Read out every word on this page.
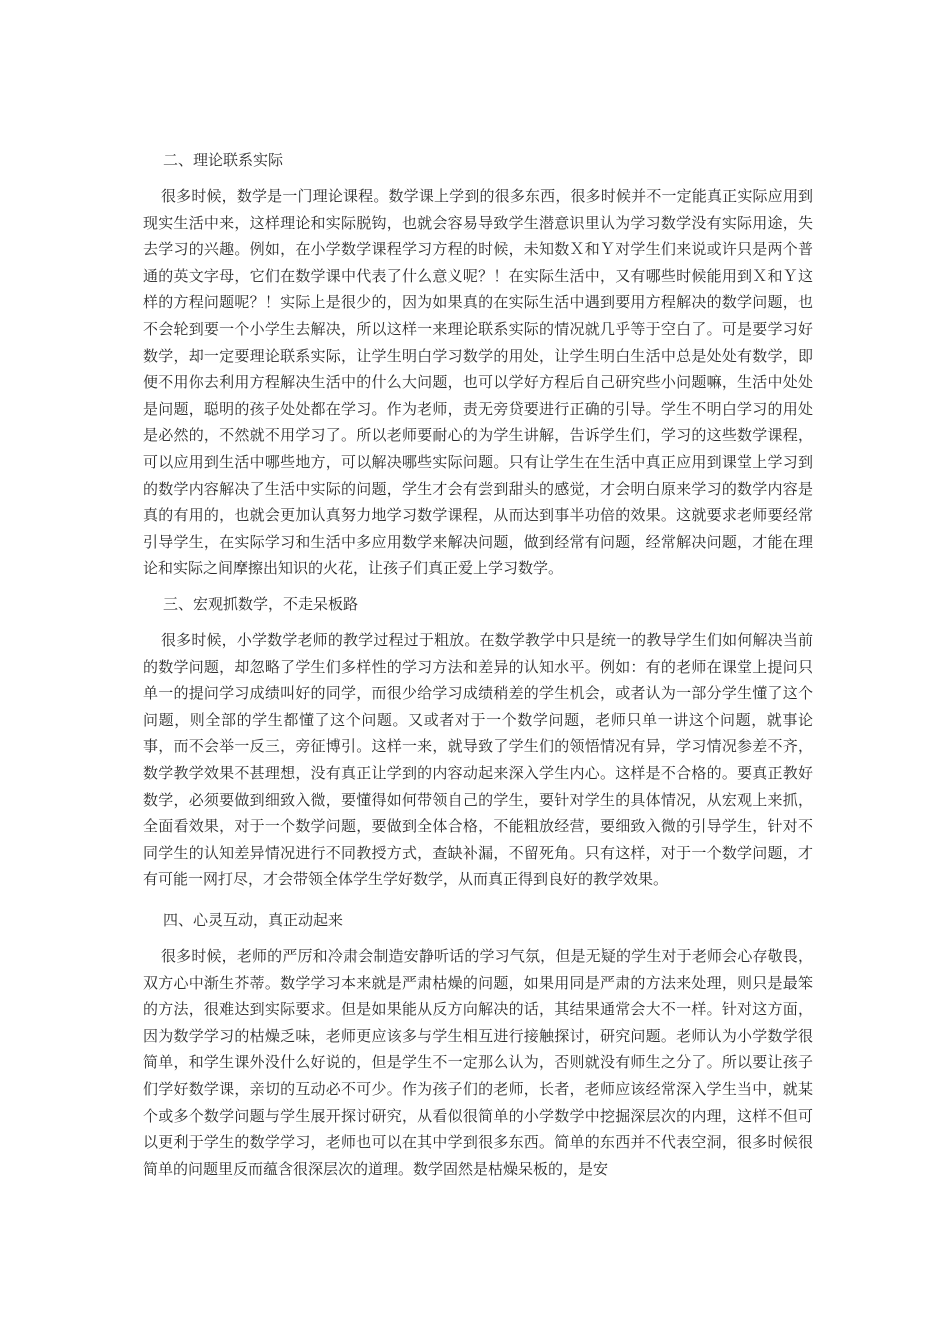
二、理论联系实际

很多时候，数学是一门理论课程。数学课上学到的很多东西，很多时候并不一定能真正实际应用到现实生活中来，这样理论和实际脱钩，也就会容易导致学生潜意识里认为学习数学没有实际用途，失去学习的兴趣。例如，在小学数学课程学习方程的时候，未知数Ｘ和Ｙ对学生们来说或许只是两个普通的英文字母，它们在数学课中代表了什么意义呢？！在实际生活中，又有哪些时候能用到Ｘ和Ｙ这样的方程问题呢？！实际上是很少的，因为如果真的在实际生活中遇到要用方程解决的数学问题，也不会轮到要一个小学生去解决，所以这样一来理论联系实际的情况就几乎等于空白了。可是要学习好数学，却一定要理论联系实际，让学生明白学习数学的用处，让学生明白生活中总是处处有数学，即便不用你去利用方程解决生活中的什么大问题，也可以学好方程后自己研究些小问题嘛，生活中处处是问题，聪明的孩子处处都在学习。作为老师，责无旁贷要进行正确的引导。学生不明白学习的用处是必然的，不然就不用学习了。所以老师要耐心的为学生讲解，告诉学生们，学习的这些数学课程，可以应用到生活中哪些地方，可以解决哪些实际问题。只有让学生在生活中真正应用到课堂上学习到的数学内容解决了生活中实际的问题，学生才会有尝到甜头的感觉，才会明白原来学习的数学内容是真的有用的，也就会更加认真努力地学习数学课程，从而达到事半功倍的效果。这就要求老师要经常引导学生，在实际学习和生活中多应用数学来解决问题，做到经常有问题，经常解决问题，才能在理论和实际之间摩擦出知识的火花，让孩子们真正爱上学习数学。

三、宏观抓数学，不走呆板路

很多时候，小学数学老师的教学过程过于粗放。在数学教学中只是统一的教导学生们如何解决当前的数学问题，却忽略了学生们多样性的学习方法和差异的认知水平。例如：有的老师在课堂上提问只单一的提问学习成绩叫好的同学，而很少给学习成绩稍差的学生机会，或者认为一部分学生懂了这个问题，则全部的学生都懂了这个问题。又或者对于一个数学问题，老师只单一讲这个问题，就事论事，而不会举一反三，旁征博引。这样一来，就导致了学生们的领悟情况有异，学习情况参差不齐，数学教学效果不甚理想，没有真正让学到的内容动起来深入学生内心。这样是不合格的。要真正教好数学，必须要做到细致入微，要懂得如何带领自己的学生，要针对学生的具体情况，从宏观上来抓，全面看效果，对于一个数学问题，要做到全体合格，不能粗放经营，要细致入微的引导学生，针对不同学生的认知差异情况进行不同教授方式，查缺补漏，不留死角。只有这样，对于一个数学问题，才有可能一网打尽，才会带领全体学生学好数学，从而真正得到良好的教学效果。

四、心灵互动，真正动起来

很多时候，老师的严厉和冷肃会制造安静听话的学习气氛，但是无疑的学生对于老师会心存敬畏，双方心中渐生芥蒂。数学学习本来就是严肃枯燥的问题，如果用同是严肃的方法来处理，则只是最笨的方法，很难达到实际要求。但是如果能从反方向解决的话，其结果通常会大不一样。针对这方面，因为数学学习的枯燥乏味，老师更应该多与学生相互进行接触探讨，研究问题。老师认为小学数学很简单，和学生课外没什么好说的，但是学生不一定那么认为，否则就没有师生之分了。所以要让孩子们学好数学课，亲切的互动必不可少。作为孩子们的老师，长者，老师应该经常深入学生当中，就某个或多个数学问题与学生展开探讨研究，从看似很简单的小学数学中挖掘深层次的内理，这样不但可以更利于学生的数学学习，老师也可以在其中学到很多东西。简单的东西并不代表空洞，很多时候很简单的问题里反而蕴含很深层次的道理。数学固然是枯燥呆板的，是安
